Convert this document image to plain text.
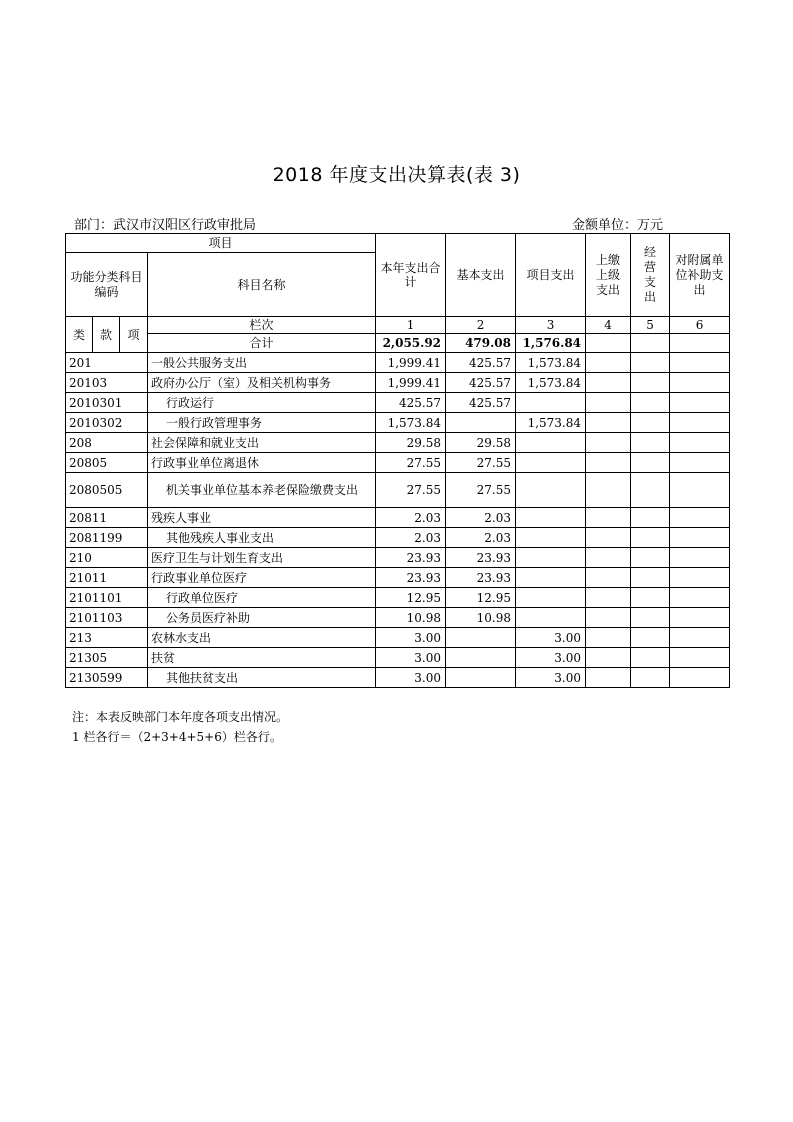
2018 年度支出决算表(表 3)
部门：武汉市汉阳区行政审批局	金额单位：万元
项目				本年支出合计	基本支出	项目支出	上缴上级支出	经营支出	对附属单位补助支出
功能分类科目编码			科目名称						
类	款	项	栏次	1	2	3	4	5	6
			合计	2,055.92	479.08	1,576.84			
201			一般公共服务支出	1,999.41	425.57	1,573.84			
20103			政府办公厅（室）及相关机构事务	1,999.41	425.57	1,573.84			
2010301			行政运行	425.57	425.57				
2010302			一般行政管理事务	1,573.84		1,573.84			
208			社会保障和就业支出	29.58	29.58				
20805			行政事业单位离退休	27.55	27.55				
2080505			机关事业单位基本养老保险缴费支出	27.55	27.55				
20811			残疾人事业	2.03	2.03				
2081199			其他残疾人事业支出	2.03	2.03				
210			医疗卫生与计划生育支出	23.93	23.93				
21011			行政事业单位医疗	23.93	23.93				
2101101			行政单位医疗	12.95	12.95				
2101103			公务员医疗补助	10.98	10.98				
213			农林水支出	3.00		3.00			
21305			扶贫	3.00		3.00			
2130599			其他扶贫支出	3.00		3.00			
注：本表反映部门本年度各项支出情况。
1 栏各行＝（2+3+4+5+6）栏各行。
